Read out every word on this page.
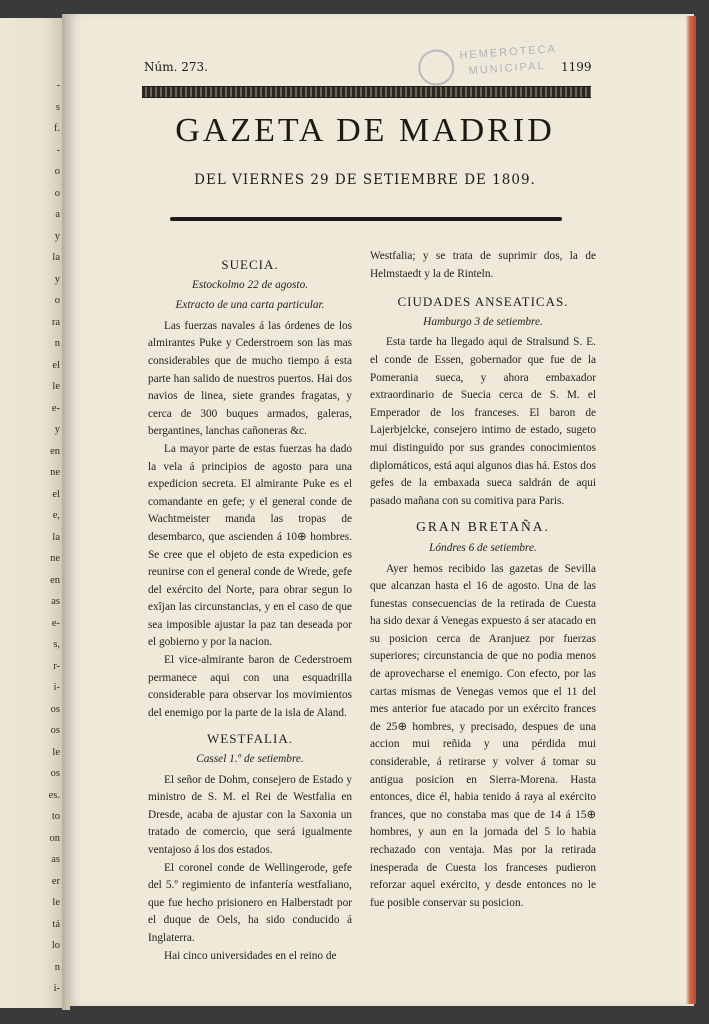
-
s
f.
-
o
o
a
y
la
y
o
ra
n
el
le
e-
y
en
ne
el
e,
la
ne
en
as
e-
s,
r-
i-
os
os
le
os
es.
to
on
as
er
le
tá
lo
n
i-
HEMEROTECA
MUNICIPAL
Núm. 273.	1199
GAZETA DE MADRID
DEL VIERNES 29 DE SETIEMBRE DE 1809.

SUECIA.

Estockolmo 22 de agosto.

Extracto de una carta particular.

Las fuerzas navales á las órdenes de los almirantes Puke y Cederstroem son las mas considerables que de mucho tiempo á esta parte han salido de nuestros puertos. Hai dos navios de linea, siete grandes fragatas, y cerca de 300 buques armados, galeras, bergantines, lanchas cañoneras &c.

La mayor parte de estas fuerzas ha dado la vela á principios de agosto para una expedicion secreta. El almirante Puke es el comandante en gefe; y el general conde de Wachtmeister manda las tropas de desembarco, que ascienden á 10⊕ hombres. Se cree que el objeto de esta expedicion es reunirse con el general conde de Wrede, gefe del exército del Norte, para obrar segun lo exîjan las circunstancias, y en el caso de que sea imposible ajustar la paz tan deseada por el gobierno y por la nacion.

El vice-almirante baron de Cederstroem permanece aqui con una esquadrilla considerable para observar los movimientos del enemigo por la parte de la isla de Aland.

WESTFALIA.

Cassel 1.º de setiembre.

El señor de Dohm, consejero de Estado y ministro de S. M. el Rei de Westfalia en Dresde, acaba de ajustar con la Saxonia un tratado de comercio, que será igualmente ventajoso á los dos estados.

El coronel conde de Wellingerode, gefe del 5.º regimiento de infantería westfaliano, que fue hecho prisionero en Halberstadt por el duque de Oels, ha sido conducido á Inglaterra.

Hai cinco universidades en el reino de

Westfalia; y se trata de suprimir dos, la de Helmstaedt y la de Rinteln.

CIUDADES ANSEATICAS.

Hamburgo 3 de setiembre.

Esta tarde ha llegado aqui de Stralsund S. E. el conde de Essen, gobernador que fue de la Pomerania sueca, y ahora embaxador extraordinario de Suecia cerca de S. M. el Emperador de los franceses. El baron de Lajerbjelcke, consejero intimo de estado, sugeto mui distinguido por sus grandes conocimientos diplomáticos, está aqui algunos dias há. Estos dos gefes de la embaxada sueca saldrán de aqui pasado mañana con su comitiva para Paris.

GRAN BRETAÑA.

Lóndres 6 de setiembre.

Ayer hemos recibido las gazetas de Sevilla que alcanzan hasta el 16 de agosto. Una de las funestas consecuencias de la retirada de Cuesta ha sido dexar á Venegas expuesto á ser atacado en su posicion cerca de Aranjuez por fuerzas superiores; circunstancia de que no podia menos de aprovecharse el enemigo. Con efecto, por las cartas mismas de Venegas vemos que el 11 del mes anterior fue atacado por un exército frances de 25⊕ hombres, y precisado, despues de una accion mui reñida y una pérdida mui considerable, á retirarse y volver á tomar su antigua posicion en Sierra-Morena. Hasta entonces, dice él, habia tenido á raya al exército frances, que no constaba mas que de 14 á 15⊕ hombres, y aun en la jornada del 5 lo habia rechazado con ventaja. Mas por la retirada inesperada de Cuesta los franceses pudieron reforzar aquel exército, y desde entonces no le fue posible conservar su posicion.
